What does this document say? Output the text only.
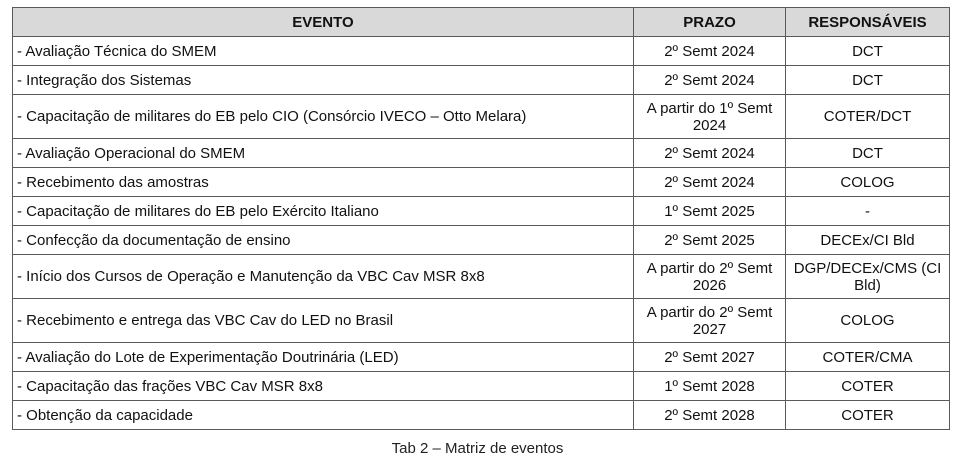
EVENTO	PRAZO	RESPONSÁVEIS
- Avaliação Técnica do SMEM	2º Semt 2024	DCT
- Integração dos Sistemas	2º Semt 2024	DCT
- Capacitação de militares do EB pelo CIO (Consórcio IVECO – Otto Melara)	A partir do 1º Semt 2024	COTER/DCT
- Avaliação Operacional do SMEM	2º Semt 2024	DCT
- Recebimento das amostras	2º Semt 2024	COLOG
- Capacitação de militares do EB pelo Exército Italiano	1º Semt 2025	-
- Confecção da documentação de ensino	2º Semt 2025	DECEx/CI Bld
- Início dos Cursos de Operação e Manutenção da VBC Cav MSR 8x8	A partir do 2º Semt 2026	DGP/DECEx/CMS (CI Bld)
- Recebimento e entrega das VBC Cav do LED no Brasil	A partir do 2º Semt 2027	COLOG
- Avaliação do Lote de Experimentação Doutrinária (LED)	2º Semt 2027	COTER/CMA
- Capacitação das frações VBC Cav MSR 8x8	1º Semt 2028	COTER
- Obtenção da capacidade	2º Semt 2028	COTER
Tab 2 – Matriz de eventos
